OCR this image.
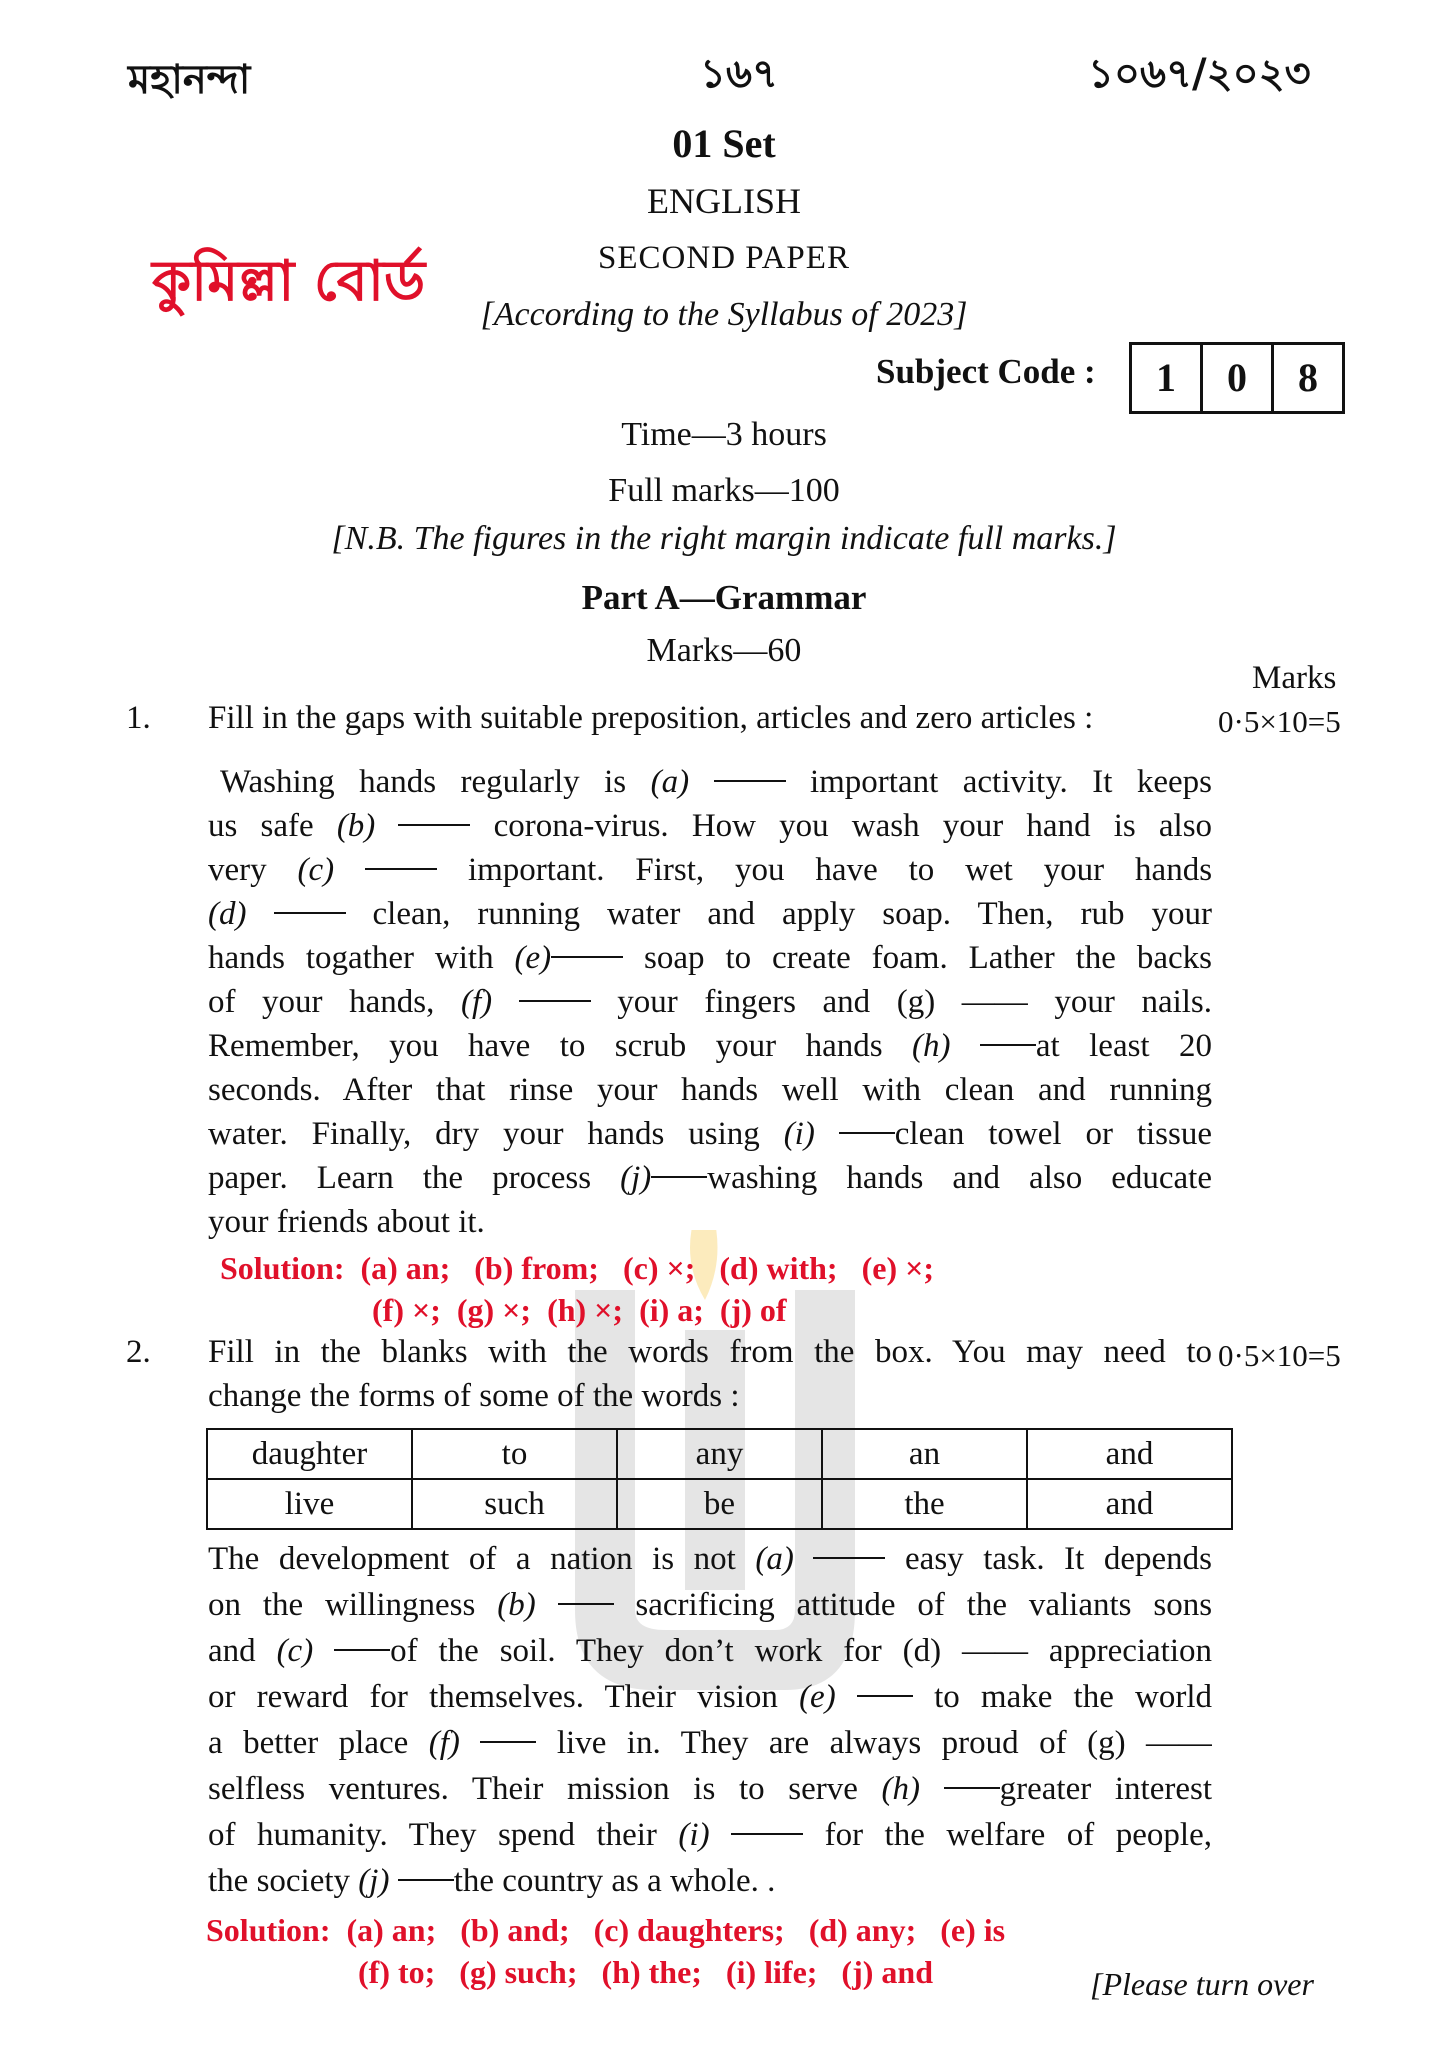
মহানন্দা	১৬৭	১০৬৭/২০২৩
কুমিল্লা বোর্ড
01 Set
ENGLISH
SECOND PAPER
[According to the Syllabus of 2023]
Subject Code :	1	0	8
Time—3 hours
Full marks—100
[N.B. The figures in the right margin indicate full marks.]
Part A—Grammar
Marks—60
Marks
1. Fill in the gaps with suitable preposition, articles and zero articles :	0·5×10=5
Washing hands regularly is (a)	important activity. It keeps
us safe (b)	corona-virus. How you wash your hand is also
very (c)	important. First, you have to wet your hands
(d)	clean, running water and apply soap. Then, rub your
hands togather with (e)	soap to create foam. Lather the backs
of your hands, (f)	your fingers and (g) —— your nails.
Remember, you have to scrub your hands (h)	at least 20
seconds. After that rinse your hands well with clean and running
water. Finally, dry your hands using (i) clean towel or tissue
paper. Learn the process (j) washing hands and also educate
your friends about it.
Solution: (a) an;   (b) from;   (c) ×;   (d) with;   (e) ×;
(f) ×;  (g) ×;  (h) ×;  (i) a;  (j) of
2. Fill in the blanks with the words from the box. You may need to
change the forms of some of the words :
0·5×10=5
daughter	to	any	an	and
live	such	be	the	and
The development of a nation is not (a)	easy task. It depends
on the willingness (b)	sacrificing attitude of the valiants sons
and (c) of the soil. They don’t work for (d) —— appreciation
or reward for themselves. Their vision (e)	to make the world
a better place (f)	live in. They are always proud of (g) ——
selfless ventures. Their mission is to serve (h) greater interest
of humanity. They spend their (i)	for the welfare of people,
the society (j) the country as a whole. .
Solution: (a) an;   (b) and;   (c) daughters;   (d) any;   (e) is
(f) to;   (g) such;   (h) the;   (i) life;   (j) and	[Please turn over
